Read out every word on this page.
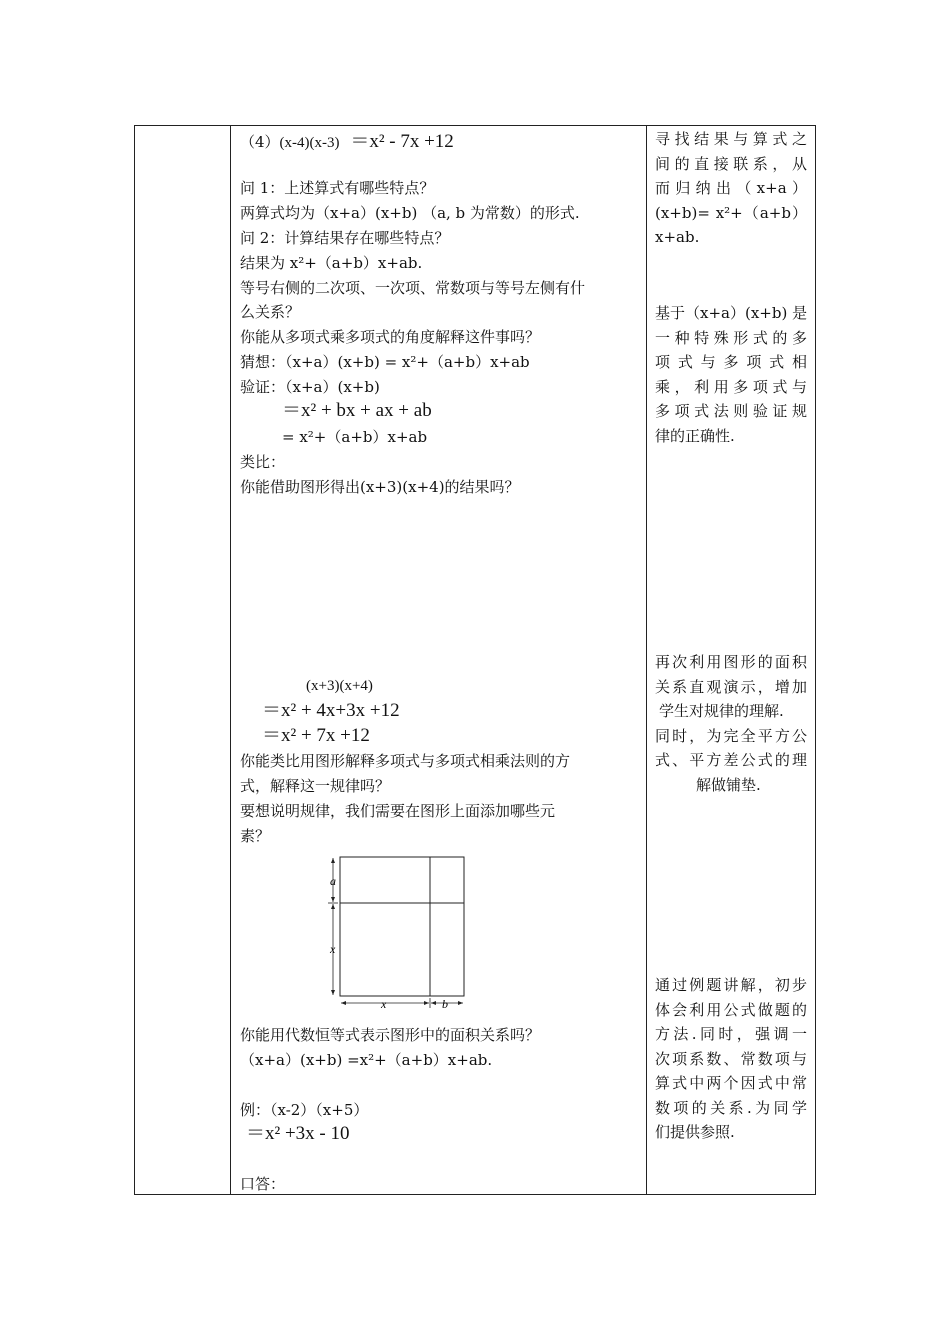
（4）(x-4)(x-3) ＝x² - 7x +12
问 1：上述算式有哪些特点？
两算式均为（x+a）(x+b) （a, b 为常数）的形式.
问 2：计算结果存在哪些特点？
结果为 x²+（a+b）x+ab.
等号右侧的二次项、一次项、常数项与等号左侧有什
么关系？
你能从多项式乘多项式的角度解释这件事吗？
猜想：（x+a）(x+b) = x²+（a+b）x+ab
验证：（x+a）(x+b)
＝x² + bx + ax + ab
= x²+（a+b）x+ab
类比：
你能借助图形得出(x+3)(x+4)的结果吗？
(x+3)(x+4)
＝x² + 4x+3x +12
＝x² + 7x +12
你能类比用图形解释多项式与多项式相乘法则的方
式，解释这一规律吗？
要想说明规律，我们需要在图形上面添加哪些元
素？
a
x
x	b
你能用代数恒等式表示图形中的面积关系吗？
（x+a）(x+b) =x²+（a+b）x+ab.
例：（x-2）（x+5）
＝x² +3x - 10
口答：
寻找结果与算式之
间的直接联系，从
而归纳出（x+a）
(x+b)= x²+（a+b）
x+ab.
基于（x+a）(x+b) 是
一种特殊形式的多
项式与多项式相
乘，利用多项式与
多项式法则验证规
律的正确性.
再次利用图形的面积
关系直观演示，增加
学生对规律的理解.
同时，为完全平方公
式、平方差公式的理
解做铺垫.
通过例题讲解，初步
体会利用公式做题的
方法.同时，强调一
次项系数、常数项与
算式中两个因式中常
数项的关系.为同学
们提供参照.
